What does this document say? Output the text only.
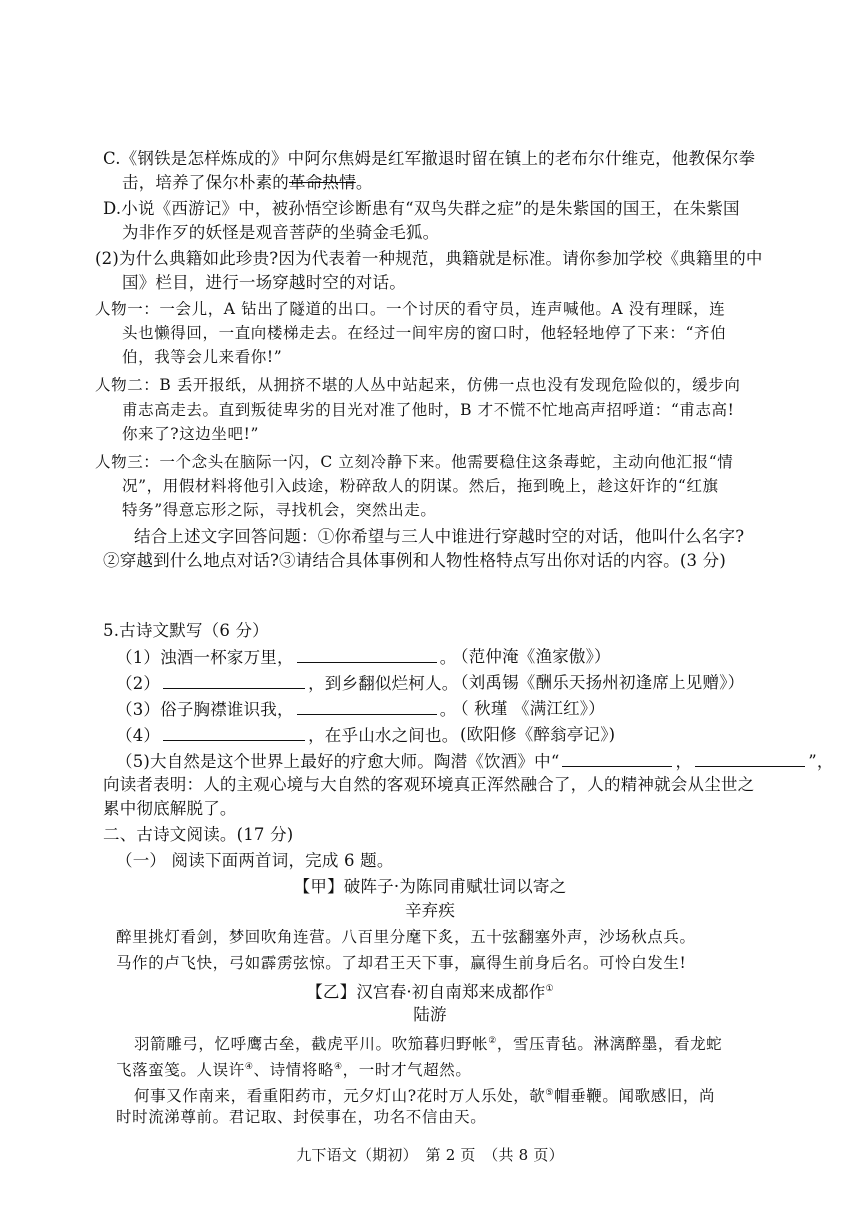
C.《钢铁是怎样炼成的》中阿尔焦姆是红军撤退时留在镇上的老布尔什维克，他教保尔拳
击，培养了保尔朴素的革命热情。
D.小说《西游记》中，被孙悟空诊断患有“双鸟失群之症”的是朱紫国的国王，在朱紫国
为非作歹的妖怪是观音菩萨的坐骑金毛狐。
(2)为什么典籍如此珍贵?因为代表着一种规范，典籍就是标准。请你参加学校《典籍里的中
国》栏目，进行一场穿越时空的对话。
人物一：一会儿，A 钻出了隧道的出口。一个讨厌的看守员，连声喊他。A 没有理睬，连
头也懒得回，一直向楼梯走去。在经过一间牢房的窗口时，他轻轻地停了下来：“齐伯
伯，我等会儿来看你!”
人物二：B 丢开报纸，从拥挤不堪的人丛中站起来，仿佛一点也没有发现危险似的，缓步向
甫志高走去。直到叛徒卑劣的目光对准了他时，B 才不慌不忙地高声招呼道：“甫志高!
你来了?这边坐吧!”
人物三：一个念头在脑际一闪，C 立刻冷静下来。他需要稳住这条毒蛇，主动向他汇报“情
况”，用假材料将他引入歧途，粉碎敌人的阴谋。然后，拖到晚上，趁这奸诈的“红旗
特务”得意忘形之际，寻找机会，突然出走。
结合上述文字回答问题：①你希望与三人中谁进行穿越时空的对话，他叫什么名字?
②穿越到什么地点对话?③请结合具体事例和人物性格特点写出你对话的内容。(3 分)
5.古诗文默写（6 分）
（1）浊酒一杯家万里，	。
（范仲淹《渔家傲》）
（2）	，到乡翻似烂柯人。
（刘禹锡《酬乐天扬州初逢席上见赠》）
（3）俗子胸襟谁识我，	。
（ 秋瑾 《满江红》）
（4）	，在乎山水之间也。 (欧阳修《醉翁亭记》)
（5)大自然是这个世界上最好的疗愈大师。陶潜《饮酒》中“	，	”，
向读者表明：人的主观心境与大自然的客观环境真正浑然融合了，人的精神就会从尘世之
累中彻底解脱了。
二、古诗文阅读。(17 分)
（一） 阅读下面两首词，完成 6 题。
【甲】破阵子·为陈同甫赋壮词以寄之
辛弃疾
醉里挑灯看剑，梦回吹角连营。八百里分麾下炙，五十弦翻塞外声，沙场秋点兵。
马作的卢飞快，弓如霹雳弦惊。了却君王天下事，赢得生前身后名。可怜白发生!
【乙】汉宫春·初自南郑来成都作①
陆游
羽箭雕弓，忆呼鹰古垒，截虎平川。吹笳暮归野帐②，雪压青毡。淋漓醉墨，看龙蛇
飞落蛮笺。人误许④、诗情将略④，一时才气超然。
何事又作南来，看重阳药市，元夕灯山?花时万人乐处，欹⑤帽垂鞭。闻歌感旧，尚
时时流涕尊前。君记取、封侯事在，功名不信由天。
九下语文（期初）　第 2 页　（共 8 页）
